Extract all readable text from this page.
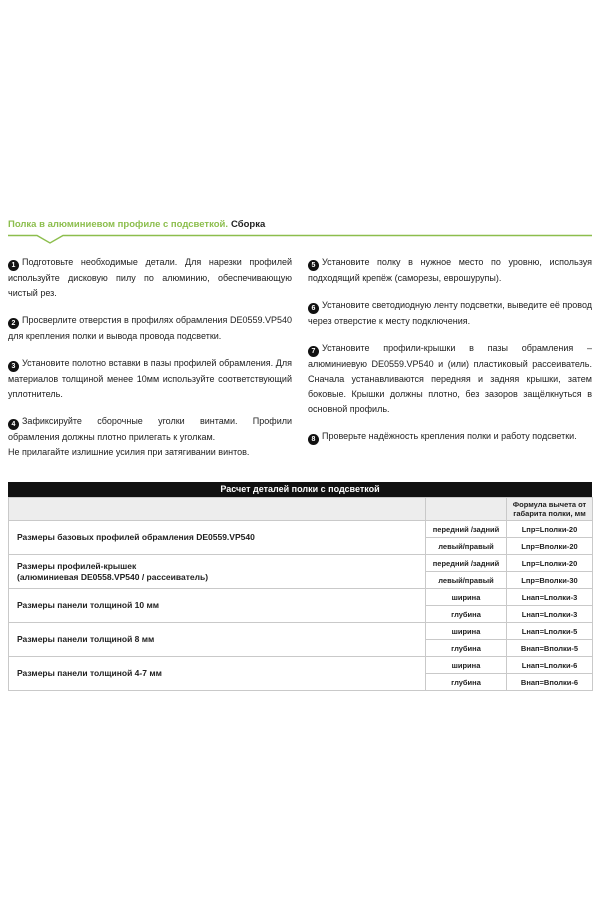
Полка в алюминиевом профиле с подсветкой. Сборка

1 Подготовьте необходимые детали. Для нарезки профилей используйте дисковую пилу по алюминию, обеспечивающую чистый рез.

2 Просверлите отверстия в профилях обрамления DE0559.VP540 для крепления полки и вывода провода подсветки.

3 Установите полотно вставки в пазы профилей обрамления. Для материалов толщиной менее 10мм используйте соответствующий уплотнитель.

4 Зафиксируйте сборочные уголки винтами. Профили обрамления должны плотно прилегать к уголкам.
Не прилагайте излишние усилия при затягивании винтов.

5 Установите полку в нужное место по уровню, используя подходящий крепёж (саморезы, еврошурупы).

6 Установите светодиодную ленту подсветки, выведите её провод через отверстие к месту подключения.

7 Установите профили-крышки в пазы обрамления – алюминиевую DE0559.VP540 и (или) пластиковый рассеиватель. Сначала устанавливаются передняя и задняя крышки, затем боковые. Крышки должны плотно, без зазоров защёлкнуться в основной профиль.

8 Проверьте надёжность крепления полки и работу подсветки.

Расчет деталей полки с подсветкой
		Формула вычета от габарита полки, мм
Размеры базовых профилей обрамления DE0559.VP540	передний /задний	Lпр=Lполки-20
	левый/правый	Lпр=Bполки-20

Размеры профилей-крышек
(алюминиевая DE0558.VP540 / рассеиватель)	передний /задний	Lпр=Lполки-20
	левый/правый	Lпр=Bполки-30
Размеры панели толщиной 10 мм	ширина	Lнап=Lполки-3
	глубина	Lнап=Lполки-3
Размеры панели толщиной 8 мм	ширина	Lнап=Lполки-5
	глубина	Внап=Вполки-5
Размеры панели толщиной 4-7 мм	ширина	Lнап=Lполки-6
	глубина	Внап=Вполки-6
